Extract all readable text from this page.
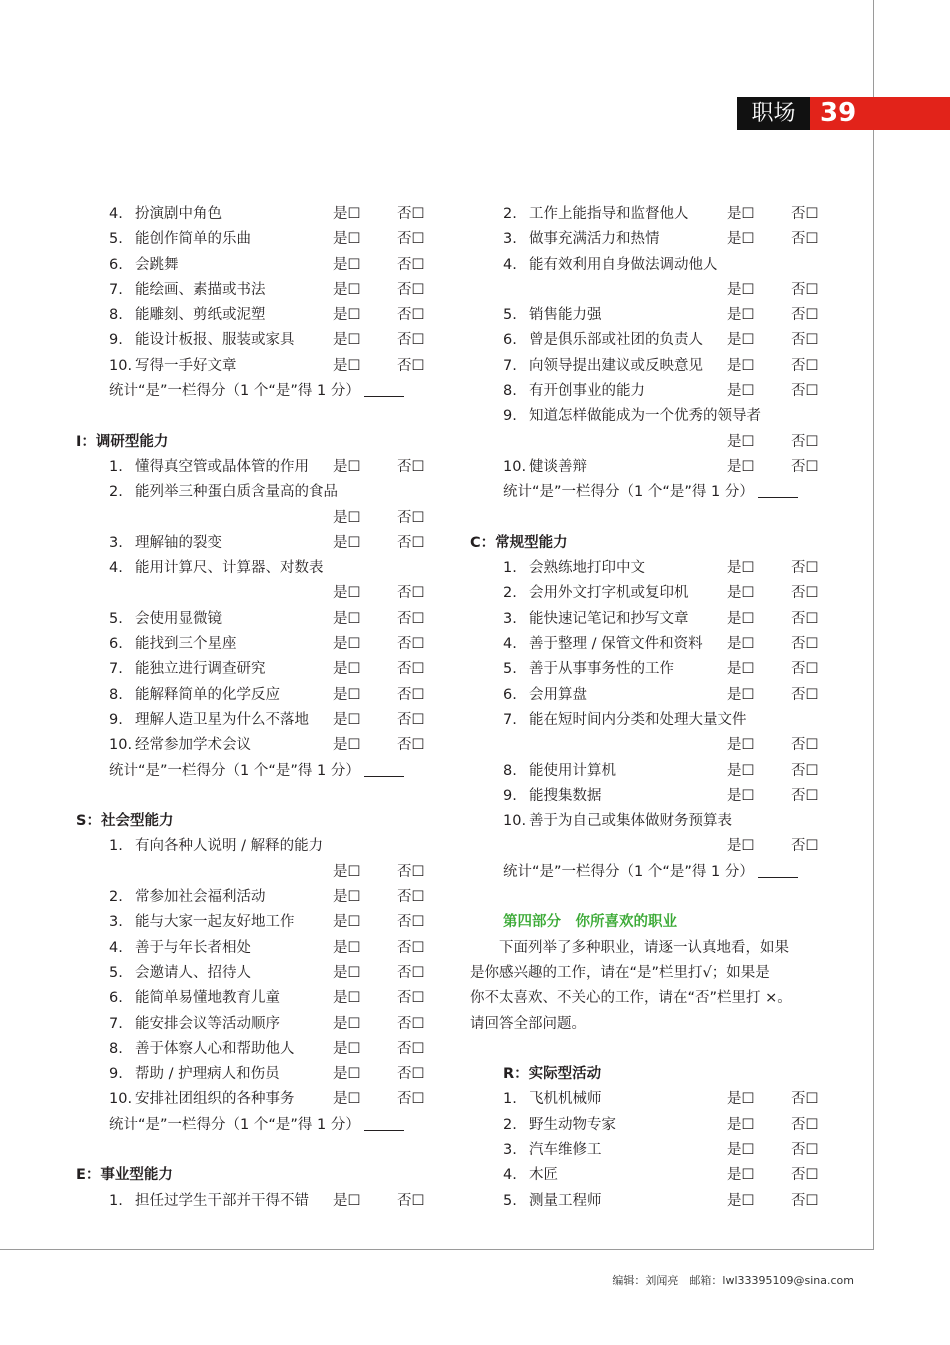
职场 39
4. 扮演剧中角色	是☐	否☐
5. 能创作简单的乐曲	是☐	否☐
6. 会跳舞	是☐	否☐
7. 能绘画、素描或书法	是☐	否☐
8. 能雕刻、剪纸或泥塑	是☐	否☐
9. 能设计板报、服装或家具	是☐	否☐
10. 写得一手好文章	是☐	否☐
统计“是”一栏得分（1 个“是”得 1 分）
I：调研型能力
1. 懂得真空管或晶体管的作用 是☐	否☐
2. 能列举三种蛋白质含量高的食品
是☐	否☐
3. 理解铀的裂变	是☐	否☐
4. 能用计算尺、计算器、对数表
是☐	否☐
5. 会使用显微镜	是☐	否☐
6. 能找到三个星座	是☐	否☐
7. 能独立进行调查研究	是☐	否☐
8. 能解释简单的化学反应	是☐	否☐
9. 理解人造卫星为什么不落地 是☐	否☐
10. 经常参加学术会议	是☐	否☐
统计“是”一栏得分（1 个“是”得 1 分）
S：社会型能力
1. 有向各种人说明 / 解释的能力
是☐	否☐
2. 常参加社会福利活动	是☐	否☐
3. 能与大家一起友好地工作	是☐	否☐
4. 善于与年长者相处	是☐	否☐
5. 会邀请人、招待人	是☐	否☐
6. 能简单易懂地教育儿童	是☐	否☐
7. 能安排会议等活动顺序	是☐	否☐
8. 善于体察人心和帮助他人	是☐	否☐
9. 帮助 / 护理病人和伤员	是☐	否☐
10. 安排社团组织的各种事务	是☐	否☐
统计“是”一栏得分（1 个“是”得 1 分）
E：事业型能力
1. 担任过学生干部并干得不错 是☐	否☐
2. 工作上能指导和监督他人	是☐	否☐
3. 做事充满活力和热情	是☐	否☐
4. 能有效利用自身做法调动他人
是☐	否☐
5. 销售能力强	是☐	否☐
6. 曾是俱乐部或社团的负责人 是☐	否☐
7. 向领导提出建议或反映意见 是☐	否☐
8. 有开创事业的能力	是☐	否☐
9. 知道怎样做能成为一个优秀的领导者
是☐	否☐
10. 健谈善辩	是☐	否☐
统计“是”一栏得分（1 个“是”得 1 分）
C：常规型能力
1. 会熟练地打印中文	是☐	否☐
2. 会用外文打字机或复印机	是☐	否☐
3. 能快速记笔记和抄写文章	是☐	否☐
4. 善于整理 / 保管文件和资料 是☐	否☐
5. 善于从事事务性的工作	是☐	否☐
6. 会用算盘	是☐	否☐
7. 能在短时间内分类和处理大量文件
是☐	否☐
8. 能使用计算机	是☐	否☐
9. 能搜集数据	是☐	否☐
10. 善于为自己或集体做财务预算表
是☐	否☐
统计“是”一栏得分（1 个“是”得 1 分）
第四部分　你所喜欢的职业

　　下面列举了多种职业，请逐一认真地看，如果

是你感兴趣的工作，请在“是”栏里打√；如果是

你不太喜欢、不关心的工作，请在“否”栏里打 ×。

请回答全部问题。

R：实际型活动
1. 飞机机械师	是☐	否☐
2. 野生动物专家	是☐	否☐
3. 汽车维修工	是☐	否☐
4. 木匠	是☐	否☐
5. 测量工程师	是☐	否☐
编辑：刘闻亮　邮箱：lwl33395109@sina.com
